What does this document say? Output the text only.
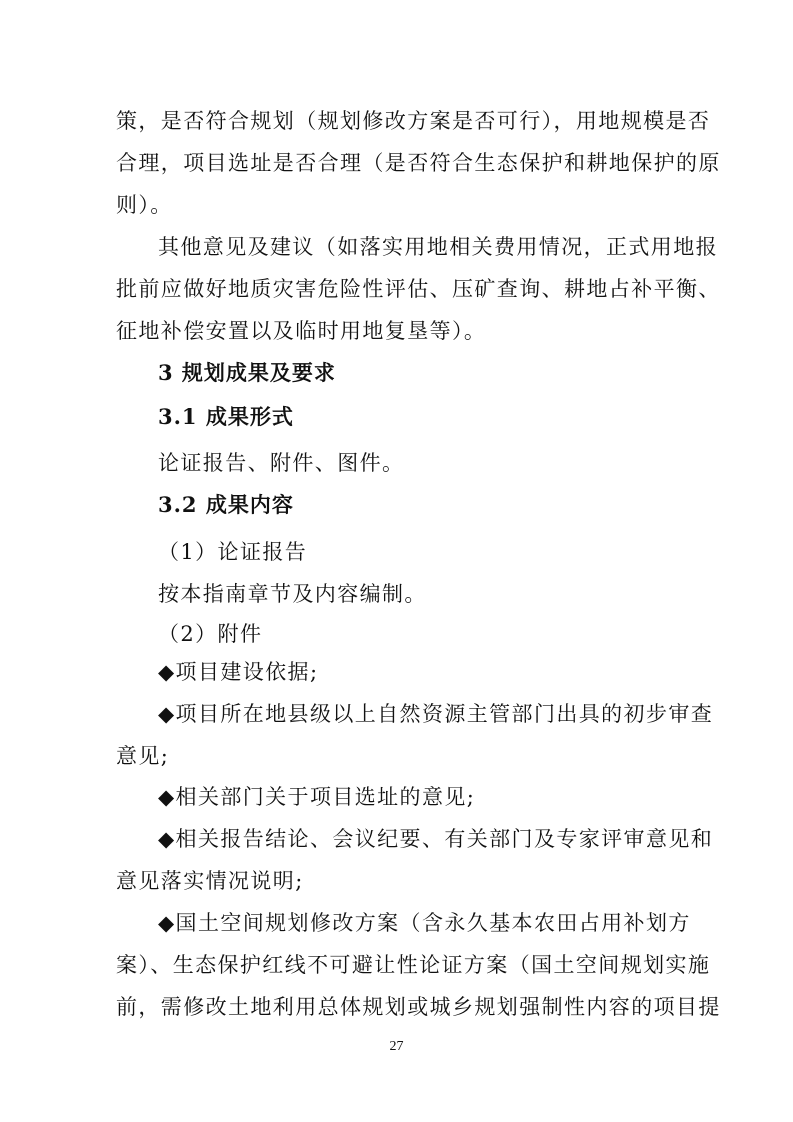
策，是否符合规划（规划修改方案是否可行），用地规模是否
合理，项目选址是否合理（是否符合生态保护和耕地保护的原
则）。
其他意见及建议（如落实用地相关费用情况，正式用地报
批前应做好地质灾害危险性评估、压矿查询、耕地占补平衡、
征地补偿安置以及临时用地复垦等）。
3 规划成果及要求
3.1 成果形式
论证报告、附件、图件。
3.2 成果内容
（1）论证报告
按本指南章节及内容编制。
（2）附件
◆项目建设依据;
◆项目所在地县级以上自然资源主管部门出具的初步审查
意见;
◆相关部门关于项目选址的意见;
◆相关报告结论、会议纪要、有关部门及专家评审意见和
意见落实情况说明;
◆国土空间规划修改方案（含永久基本农田占用补划方
案）、生态保护红线不可避让性论证方案（国土空间规划实施
前，需修改土地利用总体规划或城乡规划强制性内容的项目提
27
